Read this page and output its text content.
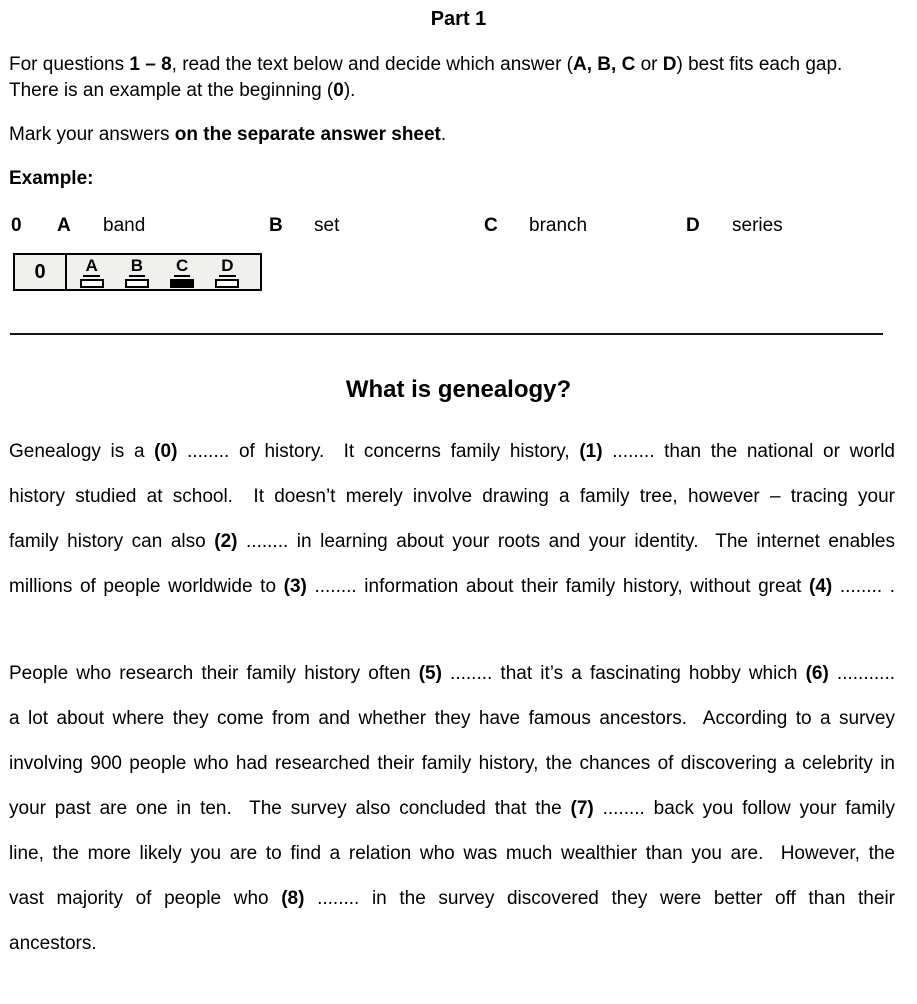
Part 1
For questions 1 – 8, read the text below and decide which answer (A, B, C or D) best fits each gap.
There is an example at the beginning (0).
Mark your answers on the separate answer sheet.
Example:
0 A band	B set	C branch	D series
0	A B C D
What is genealogy?
Genealogy is a (0) ........ of history.  It concerns family history, (1) ........ than the national or world
history studied at school.  It doesn’t merely involve drawing a family tree, however – tracing your
family history can also (2) ........ in learning about your roots and your identity.  The internet enables
millions of people worldwide to (3) ........ information about their family history, without great (4) ........ .
People who research their family history often (5) ........ that it’s a fascinating hobby which (6) ...........
a lot about where they come from and whether they have famous ancestors.  According to a survey
involving 900 people who had researched their family history, the chances of discovering a celebrity in
your past are one in ten.  The survey also concluded that the (7) ........ back you follow your family
line, the more likely you are to find a relation who was much wealthier than you are.  However, the
vast majority of people who (8) ........ in the survey discovered they were better off than their
ancestors.
